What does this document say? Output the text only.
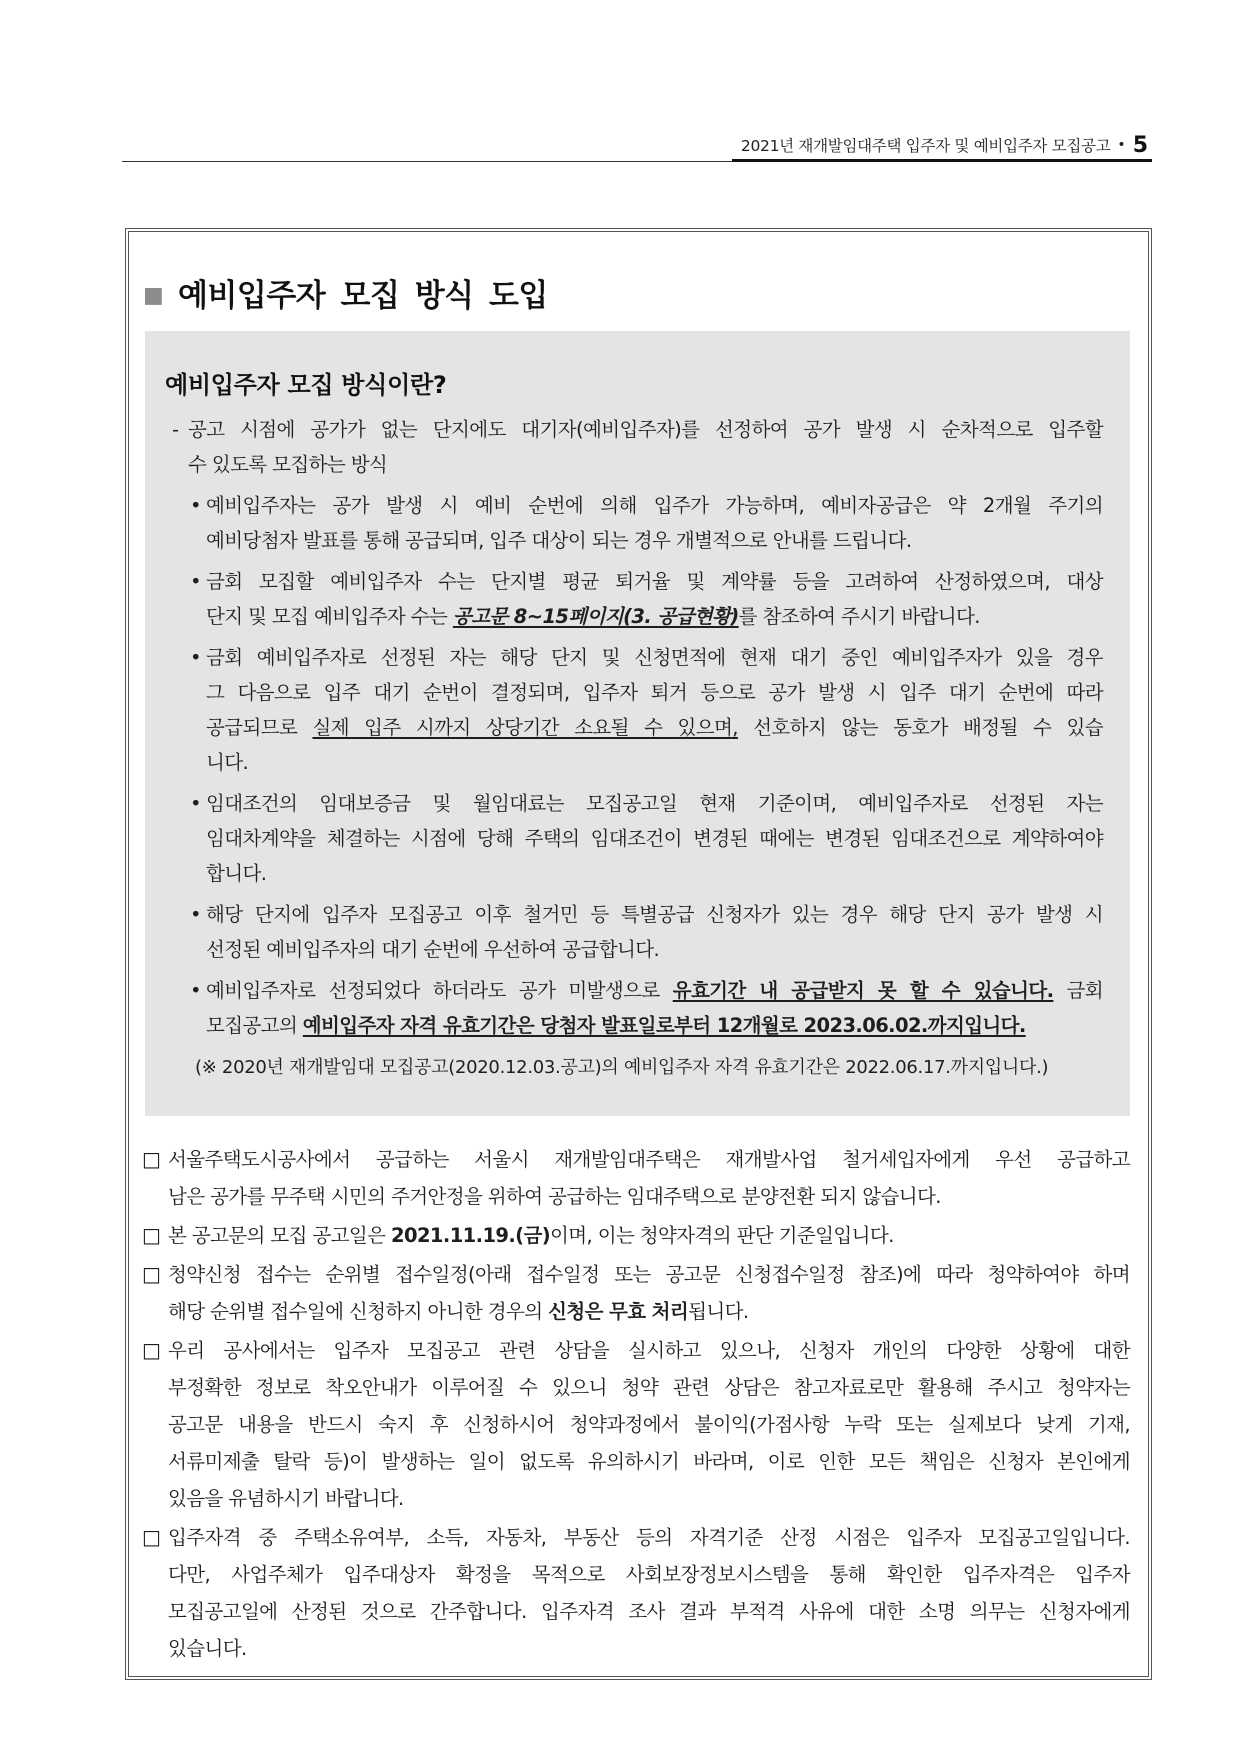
2021년 재개발임대주택 입주자 및 예비입주자 모집공고 • 5
■ 예비입주자 모집 방식 도입
예비입주자 모집 방식이란?
- 공고 시점에 공가가 없는 단지에도 대기자(예비입주자)를 선정하여 공가 발생 시 순차적으로 입주할
수 있도록 모집하는 방식
• 예비입주자는 공가 발생 시 예비 순번에 의해 입주가 가능하며, 예비자공급은 약 2개월 주기의
예비당첨자 발표를 통해 공급되며, 입주 대상이 되는 경우 개별적으로 안내를 드립니다.
• 금회 모집할 예비입주자 수는 단지별 평균 퇴거율 및 계약률 등을 고려하여 산정하였으며, 대상
단지 및 모집 예비입주자 수는 공고문 8~15페이지(3. 공급현황)를 참조하여 주시기 바랍니다.
• 금회 예비입주자로 선정된 자는 해당 단지 및 신청면적에 현재 대기 중인 예비입주자가 있을 경우
그 다음으로 입주 대기 순번이 결정되며, 입주자 퇴거 등으로 공가 발생 시 입주 대기 순번에 따라
공급되므로 실제 입주 시까지 상당기간 소요될 수 있으며, 선호하지 않는 동호가 배정될 수 있습
니다.
• 임대조건의 임대보증금 및 월임대료는 모집공고일 현재 기준이며, 예비입주자로 선정된 자는
임대차계약을 체결하는 시점에 당해 주택의 임대조건이 변경된 때에는 변경된 임대조건으로 계약하여야
합니다.
• 해당 단지에 입주자 모집공고 이후 철거민 등 특별공급 신청자가 있는 경우 해당 단지 공가 발생 시
선정된 예비입주자의 대기 순번에 우선하여 공급합니다.
• 예비입주자로 선정되었다 하더라도 공가 미발생으로 유효기간 내 공급받지 못 할 수 있습니다. 금회
모집공고의 예비입주자 자격 유효기간은 당첨자 발표일로부터 12개월로 2023.06.02.까지입니다.
(※ 2020년 재개발임대 모집공고(2020.12.03.공고)의 예비입주자 자격 유효기간은 2022.06.17.까지입니다.)
□ 서울주택도시공사에서 공급하는 서울시 재개발임대주택은 재개발사업 철거세입자에게 우선 공급하고
남은 공가를 무주택 시민의 주거안정을 위하여 공급하는 임대주택으로 분양전환 되지 않습니다.
□ 본 공고문의 모집 공고일은 2021.11.19.(금)이며, 이는 청약자격의 판단 기준일입니다.
□ 청약신청 접수는 순위별 접수일정(아래 접수일정 또는 공고문 신청접수일정 참조)에 따라 청약하여야 하며
해당 순위별 접수일에 신청하지 아니한 경우의 신청은 무효 처리됩니다.
□ 우리 공사에서는 입주자 모집공고 관련 상담을 실시하고 있으나, 신청자 개인의 다양한 상황에 대한
부정확한 정보로 착오안내가 이루어질 수 있으니 청약 관련 상담은 참고자료로만 활용해 주시고 청약자는
공고문 내용을 반드시 숙지 후 신청하시어 청약과정에서 불이익(가점사항 누락 또는 실제보다 낮게 기재,
서류미제출 탈락 등)이 발생하는 일이 없도록 유의하시기 바라며, 이로 인한 모든 책임은 신청자 본인에게
있음을 유념하시기 바랍니다.
□ 입주자격 중 주택소유여부, 소득, 자동차, 부동산 등의 자격기준 산정 시점은 입주자 모집공고일입니다.
다만, 사업주체가 입주대상자 확정을 목적으로 사회보장정보시스템을 통해 확인한 입주자격은 입주자
모집공고일에 산정된 것으로 간주합니다. 입주자격 조사 결과 부적격 사유에 대한 소명 의무는 신청자에게
있습니다.
